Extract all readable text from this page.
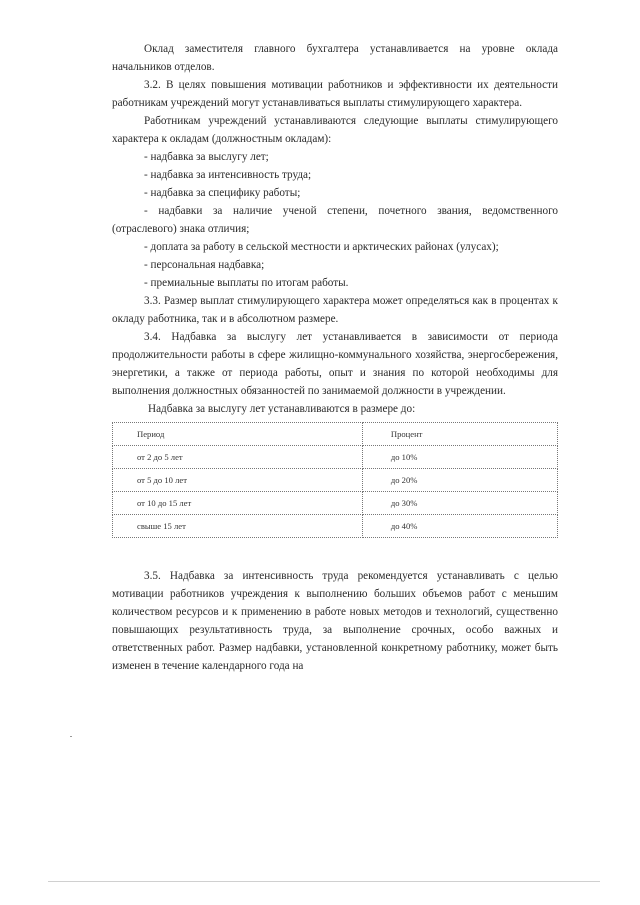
Оклад заместителя главного бухгалтера устанавливается на уровне оклада начальников отделов.

3.2. В целях повышения мотивации работников и эффективности их деятельности работникам учреждений могут устанавливаться выплаты стимулирующего характера.

Работникам учреждений устанавливаются следующие выплаты стимулирующего характера к окладам (должностным окладам):

- надбавка за выслугу лет;

- надбавка за интенсивность труда;

- надбавка за специфику работы;

- надбавки за наличие ученой степени, почетного звания, ведомственного (отраслевого) знака отличия;

- доплата за работу в сельской местности и арктических районах (улусах);

- персональная надбавка;

- премиальные выплаты по итогам работы.

3.3. Размер выплат стимулирующего характера может определяться как в процентах к окладу работника, так и в абсолютном размере.

3.4. Надбавка за выслугу лет устанавливается в зависимости от периода продолжительности работы в сфере жилищно-коммунального хозяйства, энергосбережения, энергетики, а также от периода работы, опыт и знания по которой необходимы для выполнения должностных обязанностей по занимаемой должности в учреждении.

Надбавка за выслугу лет устанавливаются в размере до:

Период	Процент
от 2 до 5 лет	до 10%
от 5 до 10 лет	до 20%
от 10 до 15 лет	до 30%
свыше 15 лет	до 40%

3.5. Надбавка за интенсивность труда рекомендуется устанавливать с целью мотивации работников учреждения к выполнению больших объемов работ с меньшим количеством ресурсов и к применению в работе новых методов и технологий, существенно повышающих результативность труда, за выполнение срочных, особо важных и ответственных работ. Размер надбавки, установленной конкретному работнику, может быть изменен в течение календарного года на
